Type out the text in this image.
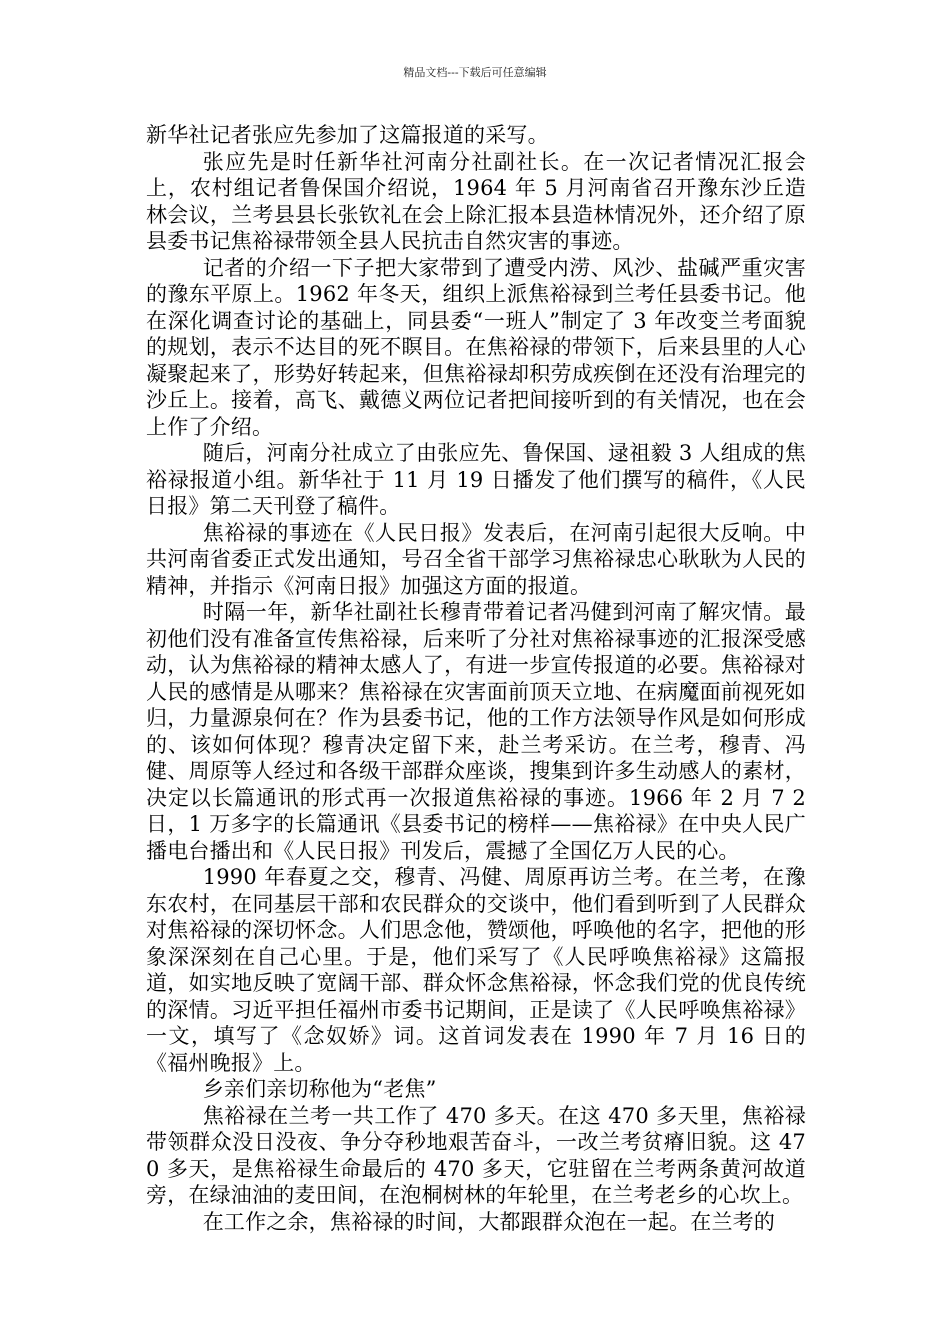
精品文档---下载后可任意编辑

新华社记者张应先参加了这篇报道的采写。

张应先是时任新华社河南分社副社长。在一次记者情况汇报会上，农村组记者鲁保国介绍说，1964 年 5 月河南省召开豫东沙丘造林会议，兰考县县长张钦礼在会上除汇报本县造林情况外，还介绍了原县委书记焦裕禄带领全县人民抗击自然灾害的事迹。

记者的介绍一下子把大家带到了遭受内涝、风沙、盐碱严重灾害的豫东平原上。1962 年冬天，组织上派焦裕禄到兰考任县委书记。他在深化调查讨论的基础上，同县委“一班人”制定了 3 年改变兰考面貌的规划，表示不达目的死不瞑目。在焦裕禄的带领下，后来县里的人心凝聚起来了，形势好转起来，但焦裕禄却积劳成疾倒在还没有治理完的沙丘上。接着，高飞、戴德义两位记者把间接听到的有关情况，也在会上作了介绍。

随后，河南分社成立了由张应先、鲁保国、逯祖毅 3 人组成的焦裕禄报道小组。新华社于 11 月 19 日播发了他们撰写的稿件，《人民日报》第二天刊登了稿件。

焦裕禄的事迹在《人民日报》发表后，在河南引起很大反响。中共河南省委正式发出通知，号召全省干部学习焦裕禄忠心耿耿为人民的精神，并指示《河南日报》加强这方面的报道。

时隔一年，新华社副社长穆青带着记者冯健到河南了解灾情。最初他们没有准备宣传焦裕禄，后来听了分社对焦裕禄事迹的汇报深受感动，认为焦裕禄的精神太感人了，有进一步宣传报道的必要。焦裕禄对人民的感情是从哪来？焦裕禄在灾害面前顶天立地、在病魔面前视死如归，力量源泉何在？作为县委书记，他的工作方法领导作风是如何形成的、该如何体现？穆青决定留下来，赴兰考采访。在兰考，穆青、冯健、周原等人经过和各级干部群众座谈，搜集到许多生动感人的素材，决定以长篇通讯的形式再一次报道焦裕禄的事迹。1966 年 2 月 7 2 日，1 万多字的长篇通讯《县委书记的榜样——焦裕禄》在中央人民广播电台播出和《人民日报》刊发后，震撼了全国亿万人民的心。

1990 年春夏之交，穆青、冯健、周原再访兰考。在兰考，在豫东农村，在同基层干部和农民群众的交谈中，他们看到听到了人民群众对焦裕禄的深切怀念。人们思念他，赞颂他，呼唤他的名字，把他的形象深深刻在自己心里。于是，他们采写了《人民呼唤焦裕禄》这篇报道，如实地反映了宽阔干部、群众怀念焦裕禄，怀念我们党的优良传统的深情。习近平担任福州市委书记期间，正是读了《人民呼唤焦裕禄》一文，填写了《念奴娇》词。这首词发表在 1990 年 7 月 16 日的《福州晚报》上。

乡亲们亲切称他为“老焦”

焦裕禄在兰考一共工作了 470 多天。在这 470 多天里，焦裕禄带领群众没日没夜、争分夺秒地艰苦奋斗，一改兰考贫瘠旧貌。这 470 多天，是焦裕禄生命最后的 470 多天，它驻留在兰考两条黄河故道旁，在绿油油的麦田间，在泡桐树林的年轮里，在兰考老乡的心坎上。

在工作之余，焦裕禄的时间，大都跟群众泡在一起。在兰考的
